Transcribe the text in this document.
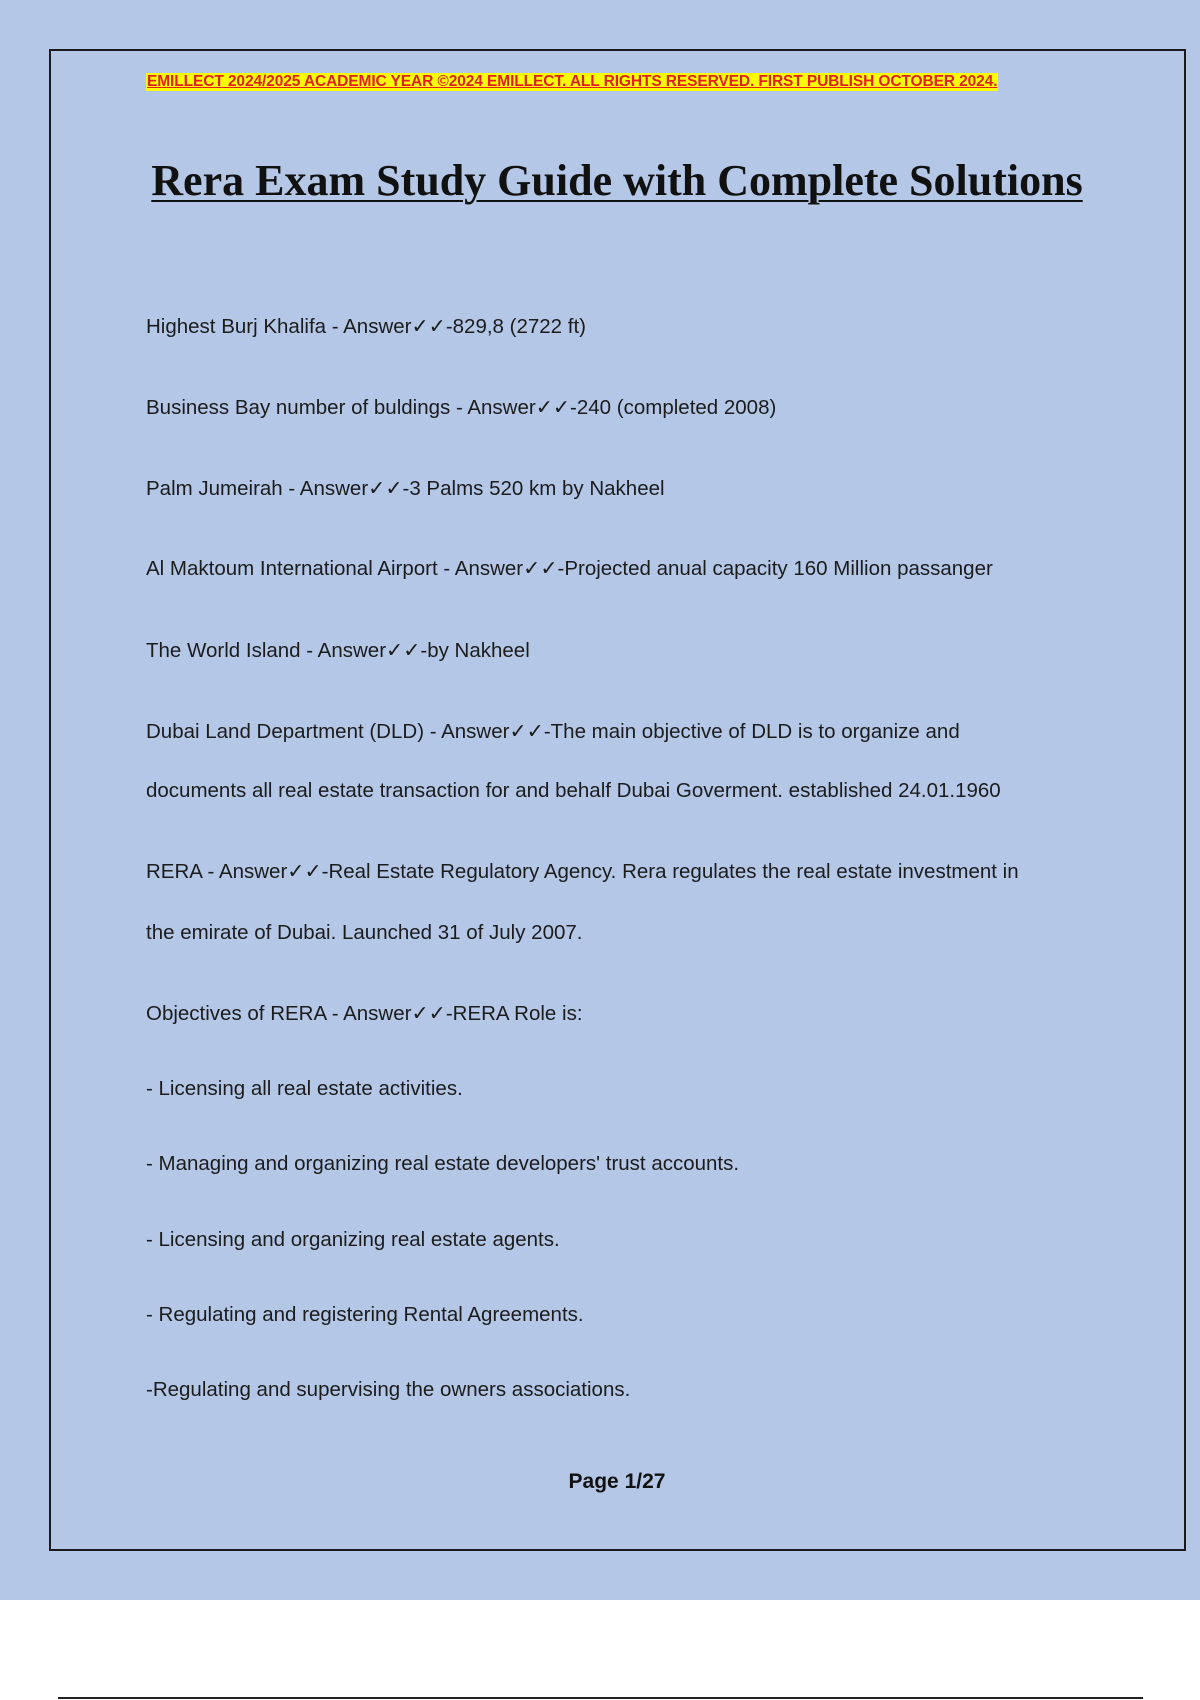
EMILLECT 2024/2025 ACADEMIC YEAR ©2024 EMILLECT. ALL RIGHTS RESERVED. FIRST PUBLISH OCTOBER 2024.
Rera Exam Study Guide with Complete Solutions
Highest Burj Khalifa - Answer✓✓-829,8 (2722 ft)
Business Bay number of buldings - Answer✓✓-240 (completed 2008)
Palm Jumeirah - Answer✓✓-3 Palms 520 km by Nakheel
Al Maktoum International Airport - Answer✓✓-Projected anual capacity 160 Million passanger
The World Island - Answer✓✓-by Nakheel
Dubai Land Department (DLD) - Answer✓✓-The main objective of DLD is to organize and
documents all real estate transaction for and behalf Dubai Goverment. established 24.01.1960
RERA - Answer✓✓-Real Estate Regulatory Agency. Rera regulates the real estate investment in
the emirate of Dubai. Launched 31 of July 2007.
Objectives of RERA - Answer✓✓-RERA Role is:
- Licensing all real estate activities.
- Managing and organizing real estate developers' trust accounts.
- Licensing and organizing real estate agents.
- Regulating and registering Rental Agreements.
-Regulating and supervising the owners associations.
Page 1/27
